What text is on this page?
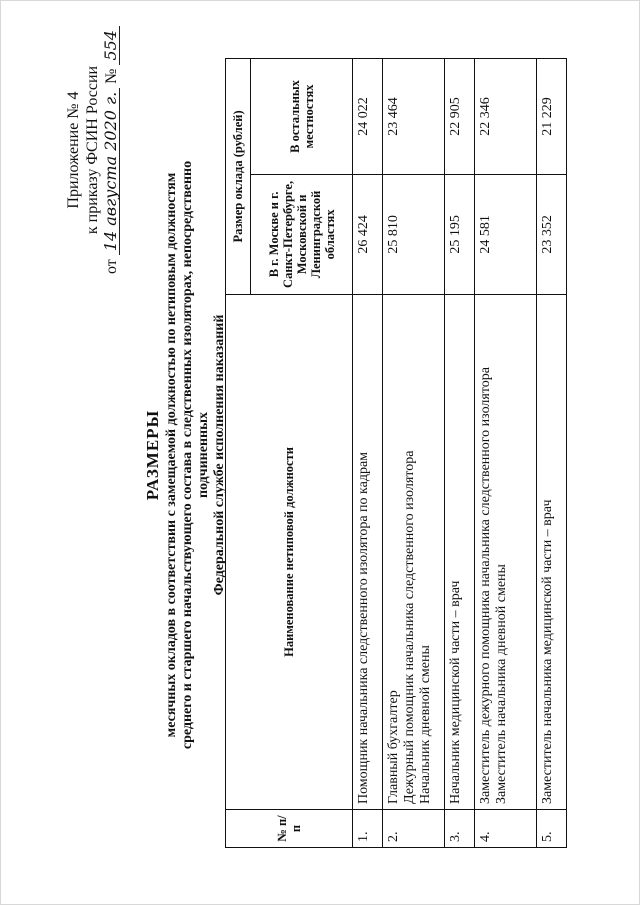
Приложение № 4 к приказу ФСИН России
от 14 августа 2020 г. № 554
РАЗМЕРЫ месячных окладов в соответствии с замещаемой должностью по нетиповым должностям среднего и старшего начальствующего состава в следственных изоляторах, непосредственно подчиненных Федеральной службе исполнения наказаний
№ п/п	Наименование нетиповой должности	Размер оклада (рублей)	
		В г. Москве и г. Санкт-Петербурге, Московской и Ленинградской областях	В остальных местностях
1.	Помощник начальника следственного изолятора по кадрам	26 424	24 022
2.	Главный бухгалтер Дежурный помощник начальника следственного изолятора Начальник дневной смены	25 810	23 464
3.	Начальник медицинской части – врач	25 195	22 905
4.	Заместитель дежурного помощника начальника следственного изолятора Заместитель начальника дневной смены	24 581	22 346
5.	Заместитель начальника медицинской части – врач	23 352	21 229
